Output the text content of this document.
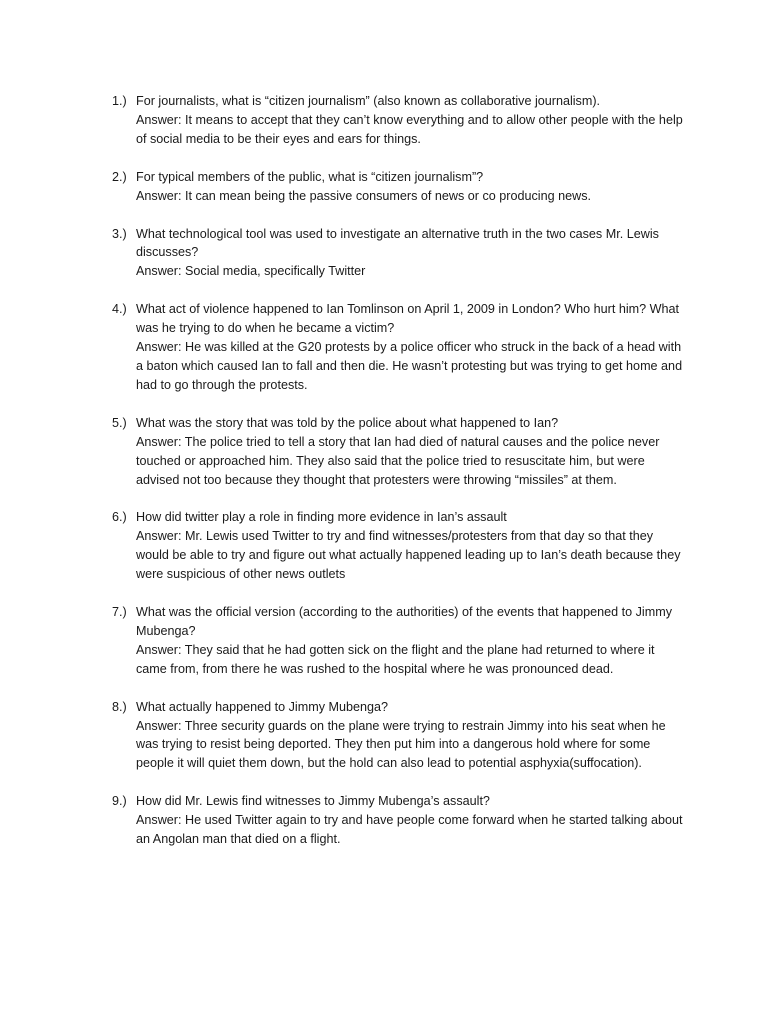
1.) For journalists, what is “citizen journalism” (also known as collaborative journalism).
Answer: It means to accept that they can’t know everything and to allow other people with the help of social media to be their eyes and ears for things.
2.) For typical members of the public, what is “citizen journalism”?
Answer: It can mean being the passive consumers of news or co producing news.
3.) What technological tool was used to investigate an alternative truth in the two cases Mr. Lewis discusses?
Answer: Social media, specifically Twitter
4.) What act of violence happened to Ian Tomlinson on April 1, 2009 in London? Who hurt him? What was he trying to do when he became a victim?
Answer: He was killed at the G20 protests by a police officer who struck in the back of a head with a baton which caused Ian to fall and then die. He wasn’t protesting but was trying to get home and had to go through the protests.
5.) What was the story that was told by the police about what happened to Ian?
Answer: The police tried to tell a story that Ian had died of natural causes and the police never touched or approached him. They also said that the police tried to resuscitate him, but were advised not too because they thought that protesters were throwing “missiles” at them.
6.) How did twitter play a role in finding more evidence in Ian’s assault
Answer: Mr. Lewis used Twitter to try and find witnesses/protesters from that day so that they would be able to try and figure out what actually happened leading up to Ian’s death because they were suspicious of other news outlets
7.) What was the official version (according to the authorities) of the events that happened to Jimmy Mubenga?
Answer: They said that he had gotten sick on the flight and the plane had returned to where it came from, from there he was rushed to the hospital where he was pronounced dead.
8.) What actually happened to Jimmy Mubenga?
Answer: Three security guards on the plane were trying to restrain Jimmy into his seat when he was trying to resist being deported. They then put him into a dangerous hold where for some people it will quiet them down, but the hold can also lead to potential asphyxia(suffocation).
9.) How did Mr. Lewis find witnesses to Jimmy Mubenga’s assault?
Answer: He used Twitter again to try and have people come forward when he started talking about an Angolan man that died on a flight.
